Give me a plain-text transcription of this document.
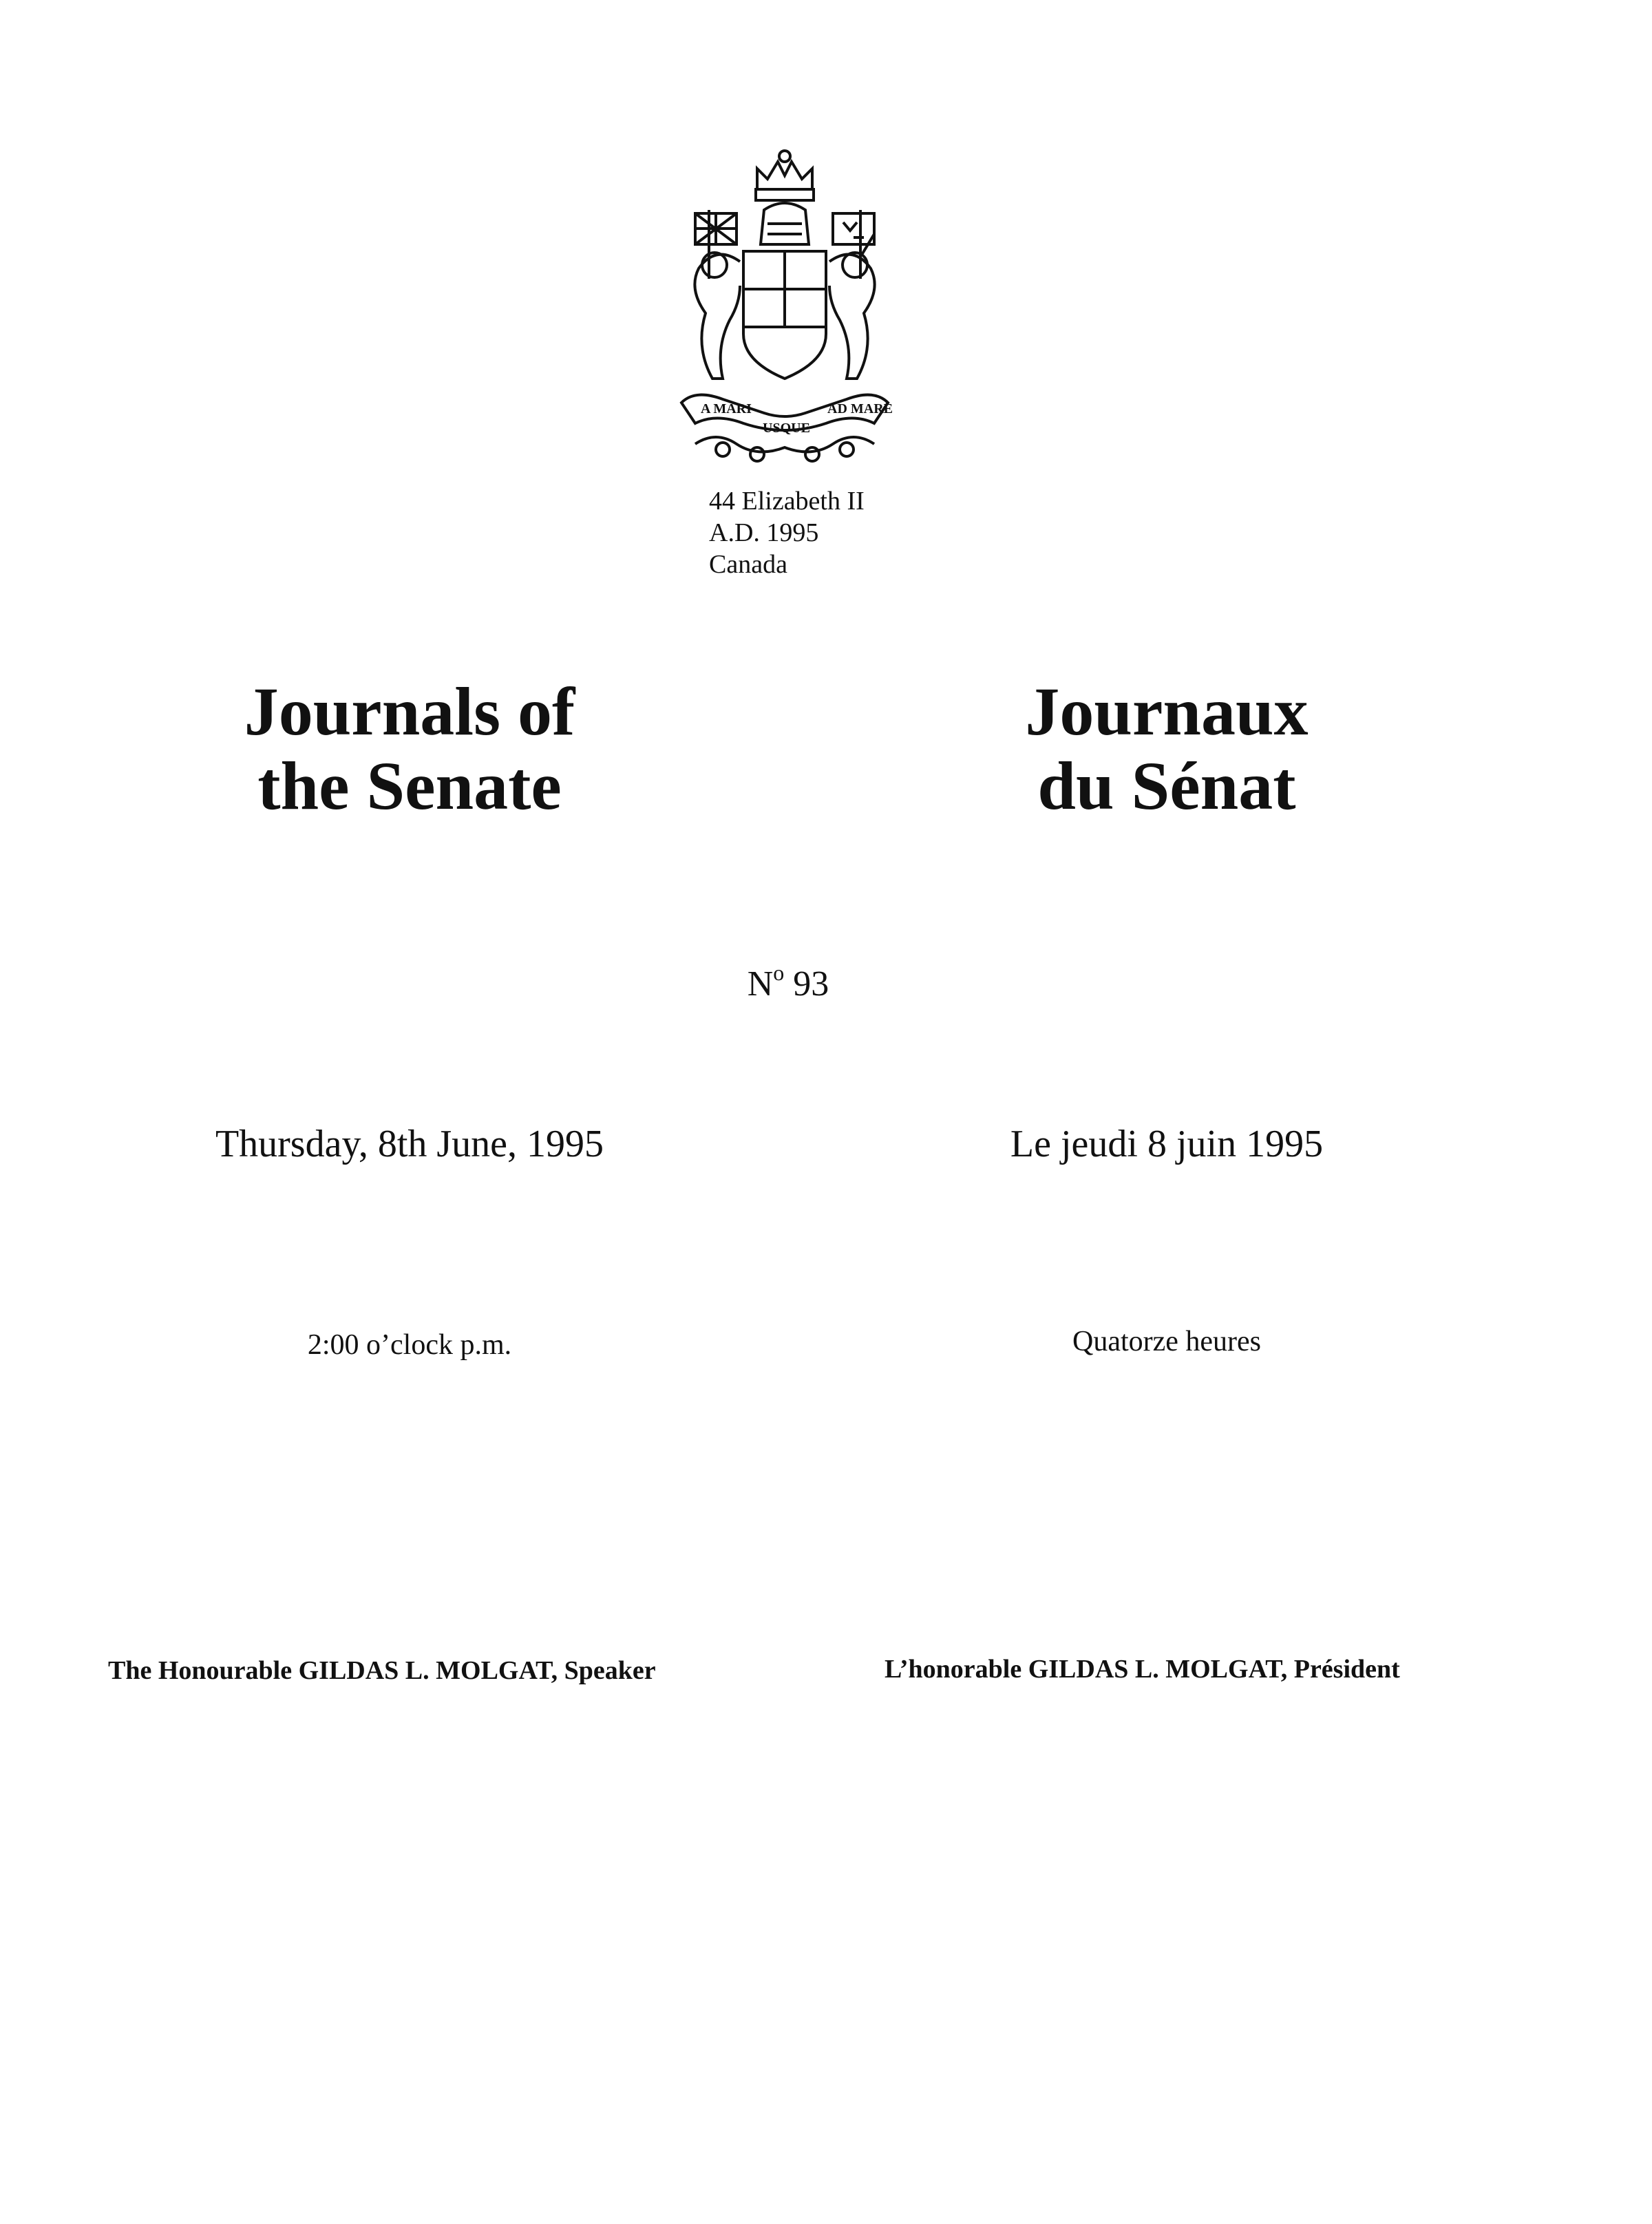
A MARI
USQUE
AD MARE
44 Elizabeth II
A.D. 1995
Canada
Journals of
the Senate
Journaux
du Sénat
$N^o$ 93
Thursday, 8th June, 1995	Le jeudi 8 juin 1995
2:00 o’clock p.m.	Quatorze heures
The Honourable GILDAS L. MOLGAT, Speaker	L’honorable GILDAS L. MOLGAT, Président
